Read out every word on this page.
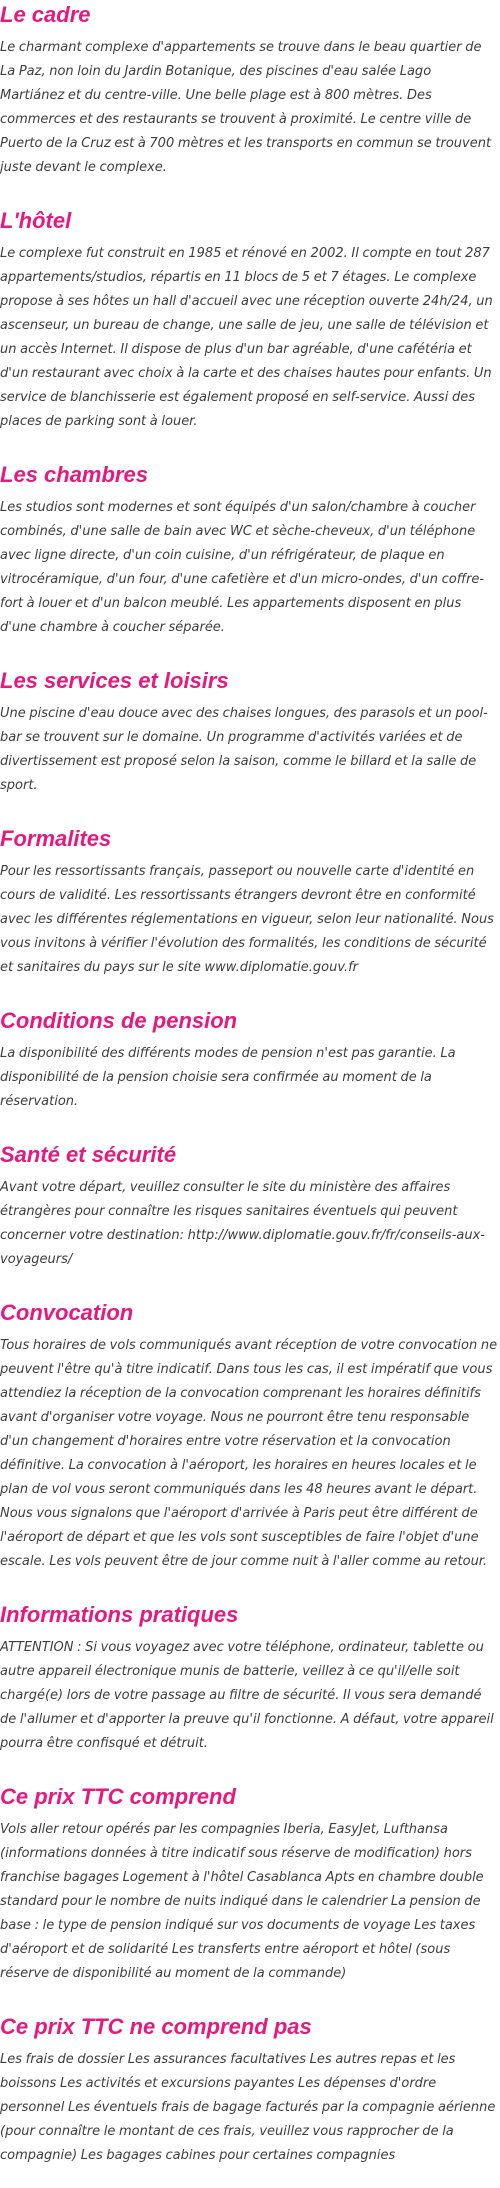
Le cadre

Le charmant complexe d'appartements se trouve dans le beau quartier de La Paz, non loin du Jardin Botanique, des piscines d'eau salée Lago Martiánez et du centre-ville. Une belle plage est à 800 mètres. Des commerces et des restaurants se trouvent à proximité. Le centre ville de Puerto de la Cruz est à 700 mètres et les transports en commun se trouvent juste devant le complexe.

L'hôtel

Le complexe fut construit en 1985 et rénové en 2002. Il compte en tout 287 appartements/studios, répartis en 11 blocs de 5 et 7 étages. Le complexe propose à ses hôtes un hall d'accueil avec une réception ouverte 24h/24, un ascenseur, un bureau de change, une salle de jeu, une salle de télévision et un accès Internet. Il dispose de plus d'un bar agréable, d'une cafétéria et d'un restaurant avec choix à la carte et des chaises hautes pour enfants. Un service de blanchisserie est également proposé en self-service. Aussi des places de parking sont à louer.

Les chambres

Les studios sont modernes et sont équipés d'un salon/chambre à coucher combinés, d'une salle de bain avec WC et sèche-cheveux, d'un téléphone avec ligne directe, d'un coin cuisine, d'un réfrigérateur, de plaque en vitrocéramique, d'un four, d'une cafetière et d'un micro-ondes, d'un coffre-fort à louer et d'un balcon meublé. Les appartements disposent en plus d'une chambre à coucher séparée.

Les services et loisirs

Une piscine d'eau douce avec des chaises longues, des parasols et un pool-bar se trouvent sur le domaine. Un programme d'activités variées et de divertissement est proposé selon la saison, comme le billard et la salle de sport.

Formalites

Pour les ressortissants français, passeport ou nouvelle carte d'identité en cours de validité. Les ressortissants étrangers devront être en conformité avec les différentes réglementations en vigueur, selon leur nationalité. Nous vous invitons à vérifier l'évolution des formalités, les conditions de sécurité et sanitaires du pays sur le site www.diplomatie.gouv.fr

Conditions de pension

La disponibilité des différents modes de pension n'est pas garantie. La disponibilité de la pension choisie sera confirmée au moment de la réservation.

Santé et sécurité

Avant votre départ, veuillez consulter le site du ministère des affaires étrangères pour connaître les risques sanitaires éventuels qui peuvent concerner votre destination: http://www.diplomatie.gouv.fr/fr/conseils-aux-voyageurs/

Convocation

Tous horaires de vols communiqués avant réception de votre convocation ne peuvent l'être qu'à titre indicatif. Dans tous les cas, il est impératif que vous attendiez la réception de la convocation comprenant les horaires définitifs avant d'organiser votre voyage. Nous ne pourront être tenu responsable d'un changement d'horaires entre votre réservation et la convocation définitive. La convocation à l'aéroport, les horaires en heures locales et le plan de vol vous seront communiqués dans les 48 heures avant le départ. Nous vous signalons que l'aéroport d'arrivée à Paris peut être différent de l'aéroport de départ et que les vols sont susceptibles de faire l'objet d'une escale. Les vols peuvent être de jour comme nuit à l'aller comme au retour.

Informations pratiques

ATTENTION : Si vous voyagez avec votre téléphone, ordinateur, tablette ou autre appareil électronique munis de batterie, veillez à ce qu'il/elle soit chargé(e) lors de votre passage au filtre de sécurité. Il vous sera demandé de l'allumer et d'apporter la preuve qu'il fonctionne. A défaut, votre appareil pourra être confisqué et détruit.

Ce prix TTC comprend

Vols aller retour opérés par les compagnies Iberia, EasyJet, Lufthansa (informations données à titre indicatif sous réserve de modification) hors franchise bagages Logement à l'hôtel Casablanca Apts en chambre double standard pour le nombre de nuits indiqué dans le calendrier La pension de base : le type de pension indiqué sur vos documents de voyage Les taxes d'aéroport et de solidarité Les transferts entre aéroport et hôtel (sous réserve de disponibilité au moment de la commande)

Ce prix TTC ne comprend pas

Les frais de dossier Les assurances facultatives Les autres repas et les boissons Les activités et excursions payantes Les dépenses d'ordre personnel Les éventuels frais de bagage facturés par la compagnie aérienne (pour connaître le montant de ces frais, veuillez vous rapprocher de la compagnie) Les bagages cabines pour certaines compagnies
